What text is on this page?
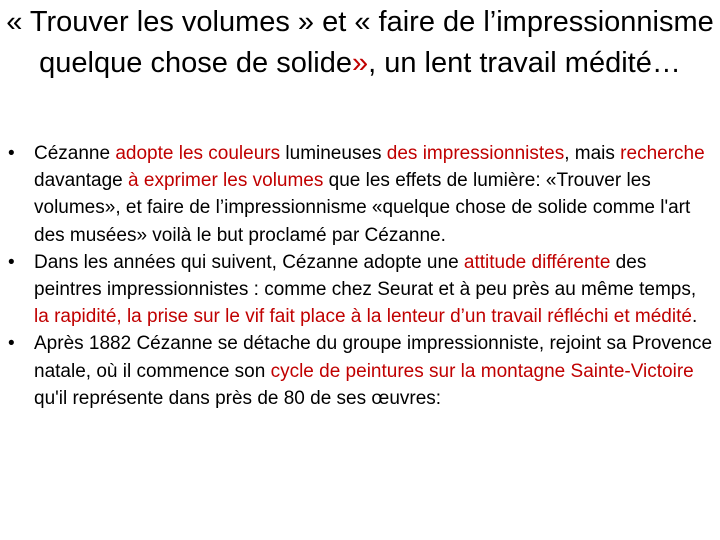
« Trouver les volumes » et « faire de l’impressionnisme quelque chose de solide», un lent travail médité…
•	Cézanne adopte les couleurs lumineuses des impressionnistes, mais recherche davantage à exprimer les volumes que les effets de lumière: «Trouver les volumes», et faire de l’impressionnisme «quelque chose de solide comme l'art des musées» voilà le but proclamé par Cézanne.
•	Dans les années qui suivent, Cézanne adopte une attitude différente des peintres impressionnistes : comme chez Seurat et à peu près au même temps, la rapidité, la prise sur le vif fait place à la lenteur d’un travail réfléchi et médité.
•	Après 1882 Cézanne se détache du groupe impressionniste, rejoint sa Provence natale, où il commence son cycle de peintures sur la montagne Sainte-Victoire qu'il représente dans près de 80 de ses œuvres:
